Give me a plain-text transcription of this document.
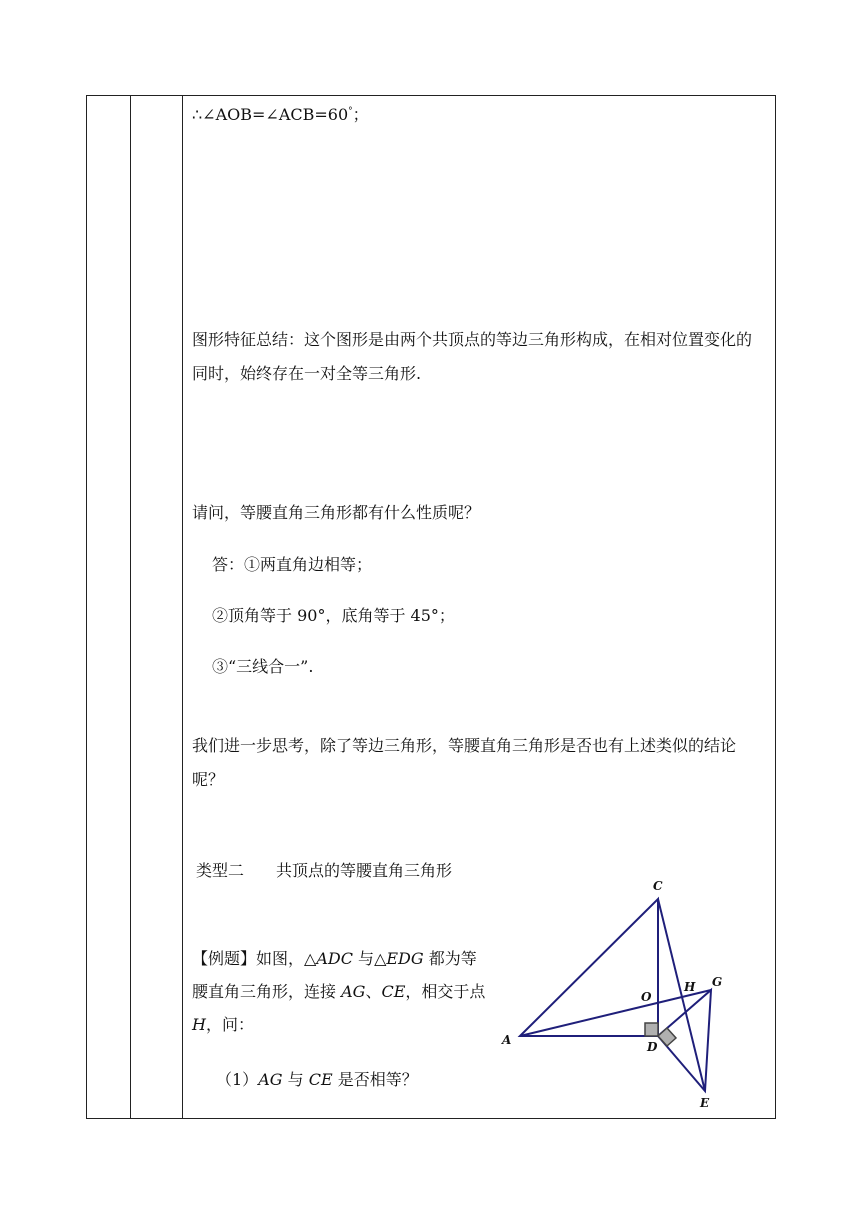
∴∠AOB=∠ACB=60°；
图形特征总结：这个图形是由两个共顶点的等边三角形构成，在相对位置变化的同时，始终存在一对全等三角形.
请问，等腰直角三角形都有什么性质呢？
答：①两直角边相等；
②顶角等于 90°，底角等于 45°；
③“三线合一”.
我们进一步思考，除了等边三角形，等腰直角三角形是否也有上述类似的结论呢？
类型二　　共顶点的等腰直角三角形
【例题】如图，△ADC 与△EDG 都为等腰直角三角形，连接 AG、CE，相交于点 H，问：
（1）AG 与 CE 是否相等？
C
O
H G
A	D
E
